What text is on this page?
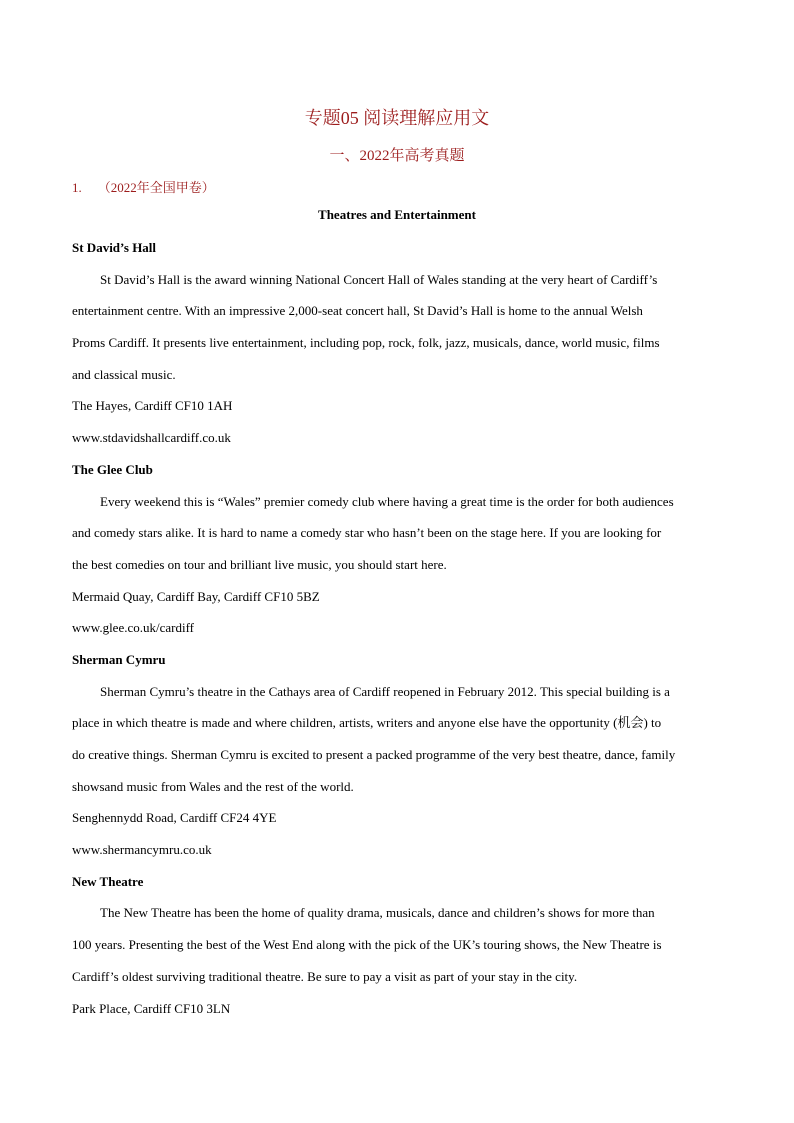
专题05 阅读理解应用文
一、2022年高考真题
1. （2022年全国甲卷）
Theatres and Entertainment
St David’s Hall
St David’s Hall is the award winning National Concert Hall of Wales standing at the very heart of Cardiff’s
entertainment centre. With an impressive 2,000-seat concert hall, St David’s Hall is home to the annual Welsh
Proms Cardiff. It presents live entertainment, including pop, rock, folk, jazz, musicals, dance, world music, films
and classical music.
The Hayes, Cardiff CF10 1AH
www.stdavidshallcardiff.co.uk
The Glee Club
Every weekend this is “Wales” premier comedy club where having a great time is the order for both audiences
and comedy stars alike. It is hard to name a comedy star who hasn’t been on the stage here. If you are looking for
the best comedies on tour and brilliant live music, you should start here.
Mermaid Quay, Cardiff Bay, Cardiff CF10 5BZ
www.glee.co.uk/cardiff
Sherman Cymru
Sherman Cymru’s theatre in the Cathays area of Cardiff reopened in February 2012. This special building is a
place in which theatre is made and where children, artists, writers and anyone else have the opportunity (机会) to
do creative things. Sherman Cymru is excited to present a packed programme of the very best theatre, dance, family
showsand music from Wales and the rest of the world.
Senghennydd Road, Cardiff CF24 4YE
www.shermancymru.co.uk
New Theatre
The New Theatre has been the home of quality drama, musicals, dance and children’s shows for more than
100 years. Presenting the best of the West End along with the pick of the UK’s touring shows, the New Theatre is
Cardiff’s oldest surviving traditional theatre. Be sure to pay a visit as part of your stay in the city.
Park Place, Cardiff CF10 3LN
